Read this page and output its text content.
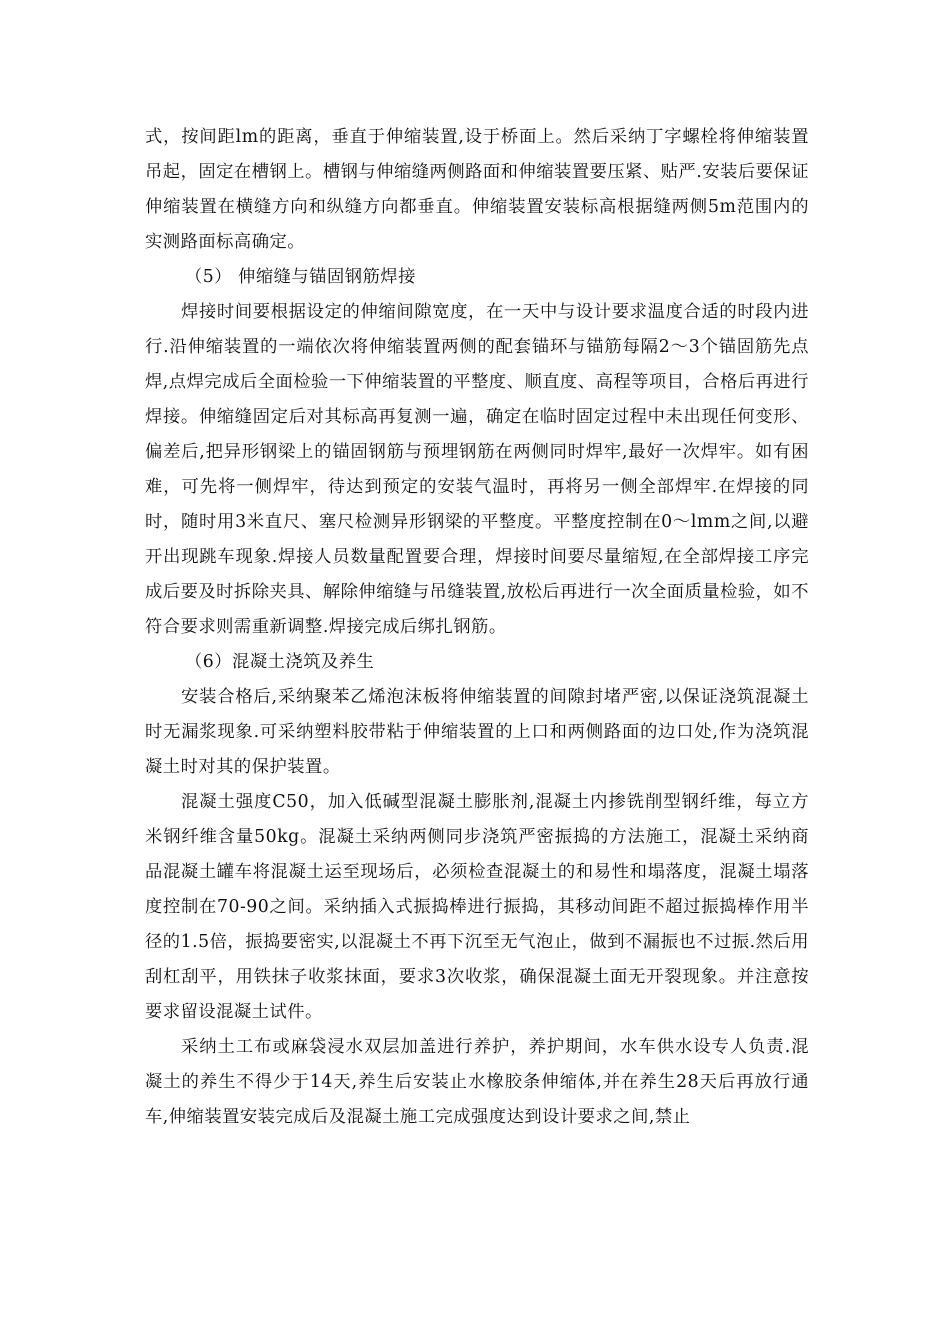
式，按间距lm的距离，垂直于伸缩装置,设于桥面上。然后采纳丁字螺栓将伸缩装置吊起，固定在槽钢上。槽钢与伸缩缝两侧路面和伸缩装置要压紧、贴严.安装后要保证伸缩装置在横缝方向和纵缝方向都垂直。伸缩装置安装标高根据缝两侧5m范围内的实测路面标高确定。

（5） 伸缩缝与锚固钢筋焊接

焊接时间要根据设定的伸缩间隙宽度，在一天中与设计要求温度合适的时段内进行.沿伸缩装置的一端依次将伸缩装置两侧的配套锚环与锚筋每隔2～3个锚固筋先点焊,点焊完成后全面检验一下伸缩装置的平整度、顺直度、高程等项目，合格后再进行焊接。伸缩缝固定后对其标高再复测一遍，确定在临时固定过程中未出现任何变形、偏差后,把异形钢梁上的锚固钢筋与预埋钢筋在两侧同时焊牢,最好一次焊牢。如有困难，可先将一侧焊牢，待达到预定的安装气温时，再将另一侧全部焊牢.在焊接的同时，随时用3米直尺、塞尺检测异形钢梁的平整度。平整度控制在0～lmm之间,以避开出现跳车现象.焊接人员数量配置要合理，焊接时间要尽量缩短,在全部焊接工序完成后要及时拆除夹具、解除伸缩缝与吊缝装置,放松后再进行一次全面质量检验，如不符合要求则需重新调整.焊接完成后绑扎钢筋。

（6）混凝土浇筑及养生

安装合格后,采纳聚苯乙烯泡沫板将伸缩装置的间隙封堵严密,以保证浇筑混凝土时无漏浆现象.可采纳塑料胶带粘于伸缩装置的上口和两侧路面的边口处,作为浇筑混凝土时对其的保护装置。

混凝土强度C50，加入低碱型混凝土膨胀剂,混凝土内掺铣削型钢纤维，每立方米钢纤维含量50kg。混凝土采纳两侧同步浇筑严密振捣的方法施工，混凝土采纳商品混凝土罐车将混凝土运至现场后，必须检查混凝土的和易性和塌落度，混凝土塌落度控制在70-90之间。采纳插入式振捣棒进行振捣，其移动间距不超过振捣棒作用半径的1.5倍，振捣要密实,以混凝土不再下沉至无气泡止，做到不漏振也不过振.然后用刮杠刮平，用铁抹子收浆抹面，要求3次收浆，确保混凝土面无开裂现象。并注意按要求留设混凝土试件。

采纳土工布或麻袋浸水双层加盖进行养护，养护期间，水车供水设专人负责.混凝土的养生不得少于14天,养生后安装止水橡胶条伸缩体,并在养生28天后再放行通车,伸缩装置安装完成后及混凝土施工完成强度达到设计要求之间,禁止
